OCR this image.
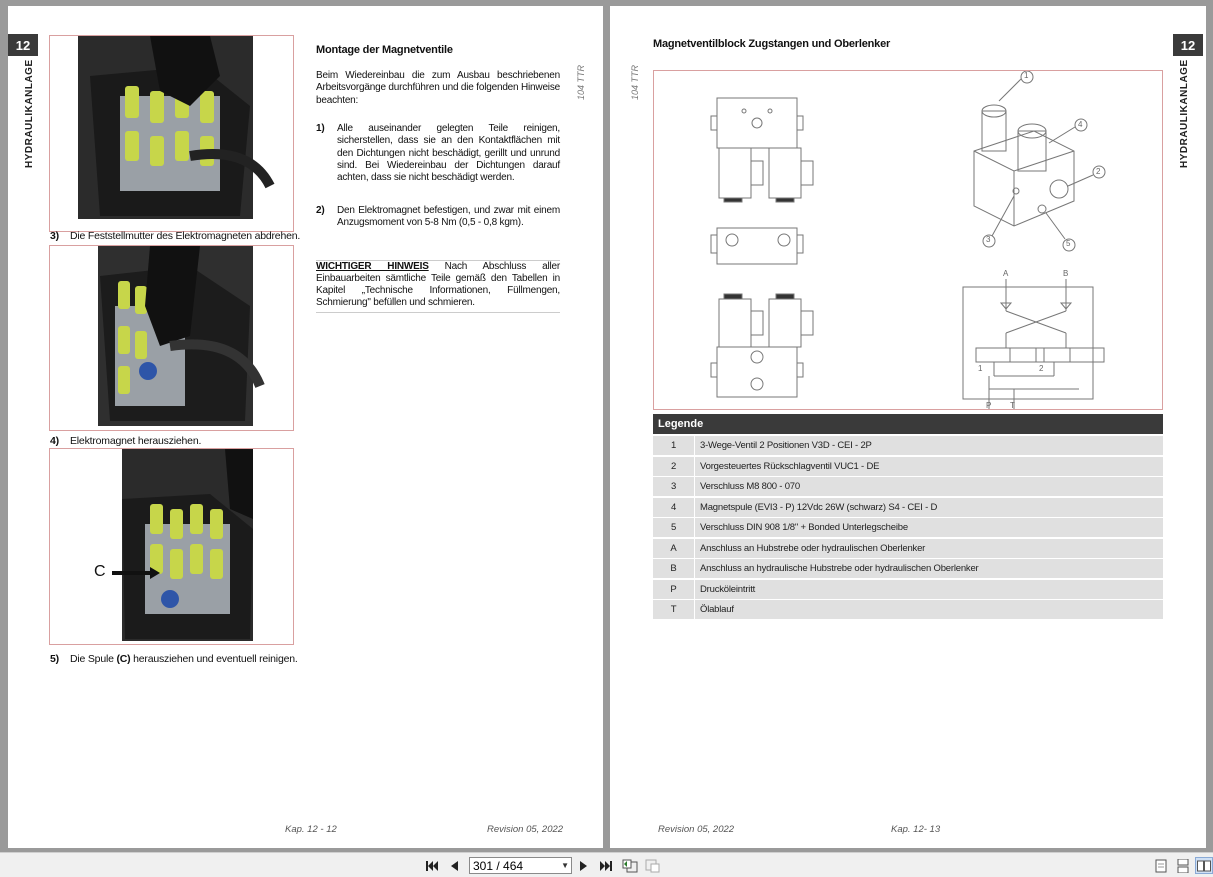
12
HYDRAULIKANLAGE
3) Die Feststellmutter des Elektromagneten abdrehen.
4) Elektromagnet herausziehen.
C
5) Die Spule (C) herausziehen und eventuell reinigen.
Montage der Magnetventile
Beim Wiedereinbau die zum Ausbau beschriebenen Arbeitsvorgänge durchführen und die folgenden Hinweise beachten:
1) Alle auseinander gelegten Teile reinigen, sicherstellen, dass sie an den Kontaktflächen mit den Dichtungen nicht beschädigt, gerillt und unrund sind. Bei Wiedereinbau der Dichtungen darauf achten, dass sie nicht beschädigt werden.
2) Den Elektromagnet befestigen, und zwar mit einem Anzugsmoment von 5-8 Nm (0,5 - 0,8 kgm).
WICHTIGER HINWEIS Nach Abschluss aller Einbauarbeiten sämtliche Teile gemäß den Tabellen in Kapitel „Technische Informationen, Füllmengen, Schmierung" befüllen und schmieren.
104 TTR
Kap. 12 - 12	Revision 05, 2022
12
HYDRAULIKANLAGE
104 TTR
Magnetventilblock Zugstangen und Oberlenker
1
2
3
4
5
A	B
1	2
P T
Legende
1	3-Wege-Ventil 2 Positionen V3D - CEI - 2P
2	Vorgesteuertes Rückschlagventil VUC1 - DE
3	Verschluss M8 800 - 070
4	Magnetspule (EVI3 - P) 12Vdc 26W (schwarz) S4 - CEI - D
5	Verschluss DIN 908 1/8" + Bonded Unterlegscheibe
A	Anschluss an Hubstrebe oder hydraulischen Oberlenker
B	Anschluss an hydraulische Hubstrebe oder hydraulischen Oberlenker
P	Druckölеintritt
T	Ölablauf
Revision 05, 2022	Kap. 12- 13
301 / 464	▼
